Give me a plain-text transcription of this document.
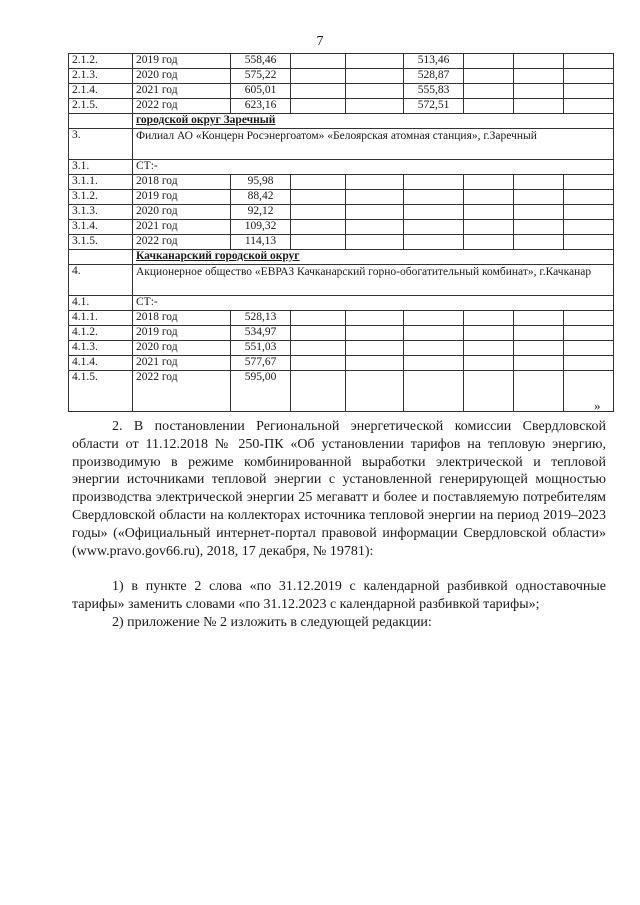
7
2.1.2.	2019 год	558,46			513,46			
2.1.3.	2020 год	575,22			528,87			
2.1.4.	2021 год	605,01			555,83			
2.1.5.	2022 год	623,16			572,51			
	городской округ Заречный							
3.	Филиал АО «Концерн Росэнергоатом» «Белоярская атомная станция», г.Заречный							
3.1.	СТ:-							
3.1.1.	2018 год	95,98						
3.1.2.	2019 год	88,42						
3.1.3.	2020 год	92,12						
3.1.4.	2021 год	109,32						
3.1.5.	2022 год	114,13						
	Качканарский городской округ							
4.	Акционерное общество «ЕВРАЗ Качканарский горно-обогатительный комбинат», г.Качканар							
4.1.	СТ:-							
4.1.1.	2018 год	528,13						
4.1.2.	2019 год	534,97						
4.1.3.	2020 год	551,03						
4.1.4.	2021 год	577,67						
4.1.5.	2022 год	595,00						
»
2. В постановлении Региональной энергетической комиссии Свердловской области от 11.12.2018 № 250-ПК «Об установлении тарифов на тепловую энергию, производимую в режиме комбинированной выработки электрической и тепловой энергии источниками тепловой энергии с установленной генерирующей мощностью производства электрической энергии 25 мегаватт и более и поставляемую потребителям Свердловской области на коллекторах источника тепловой энергии на период 2019–2023 годы» («Официальный интернет-портал правовой информации Свердловской области» (www.pravo.gov66.ru), 2018, 17 декабря, № 19781):
1) в пункте 2 слова «по 31.12.2019 с календарной разбивкой одноставочные тарифы» заменить словами «по 31.12.2023 с календарной разбивкой тарифы»;
2) приложение № 2 изложить в следующей редакции:
